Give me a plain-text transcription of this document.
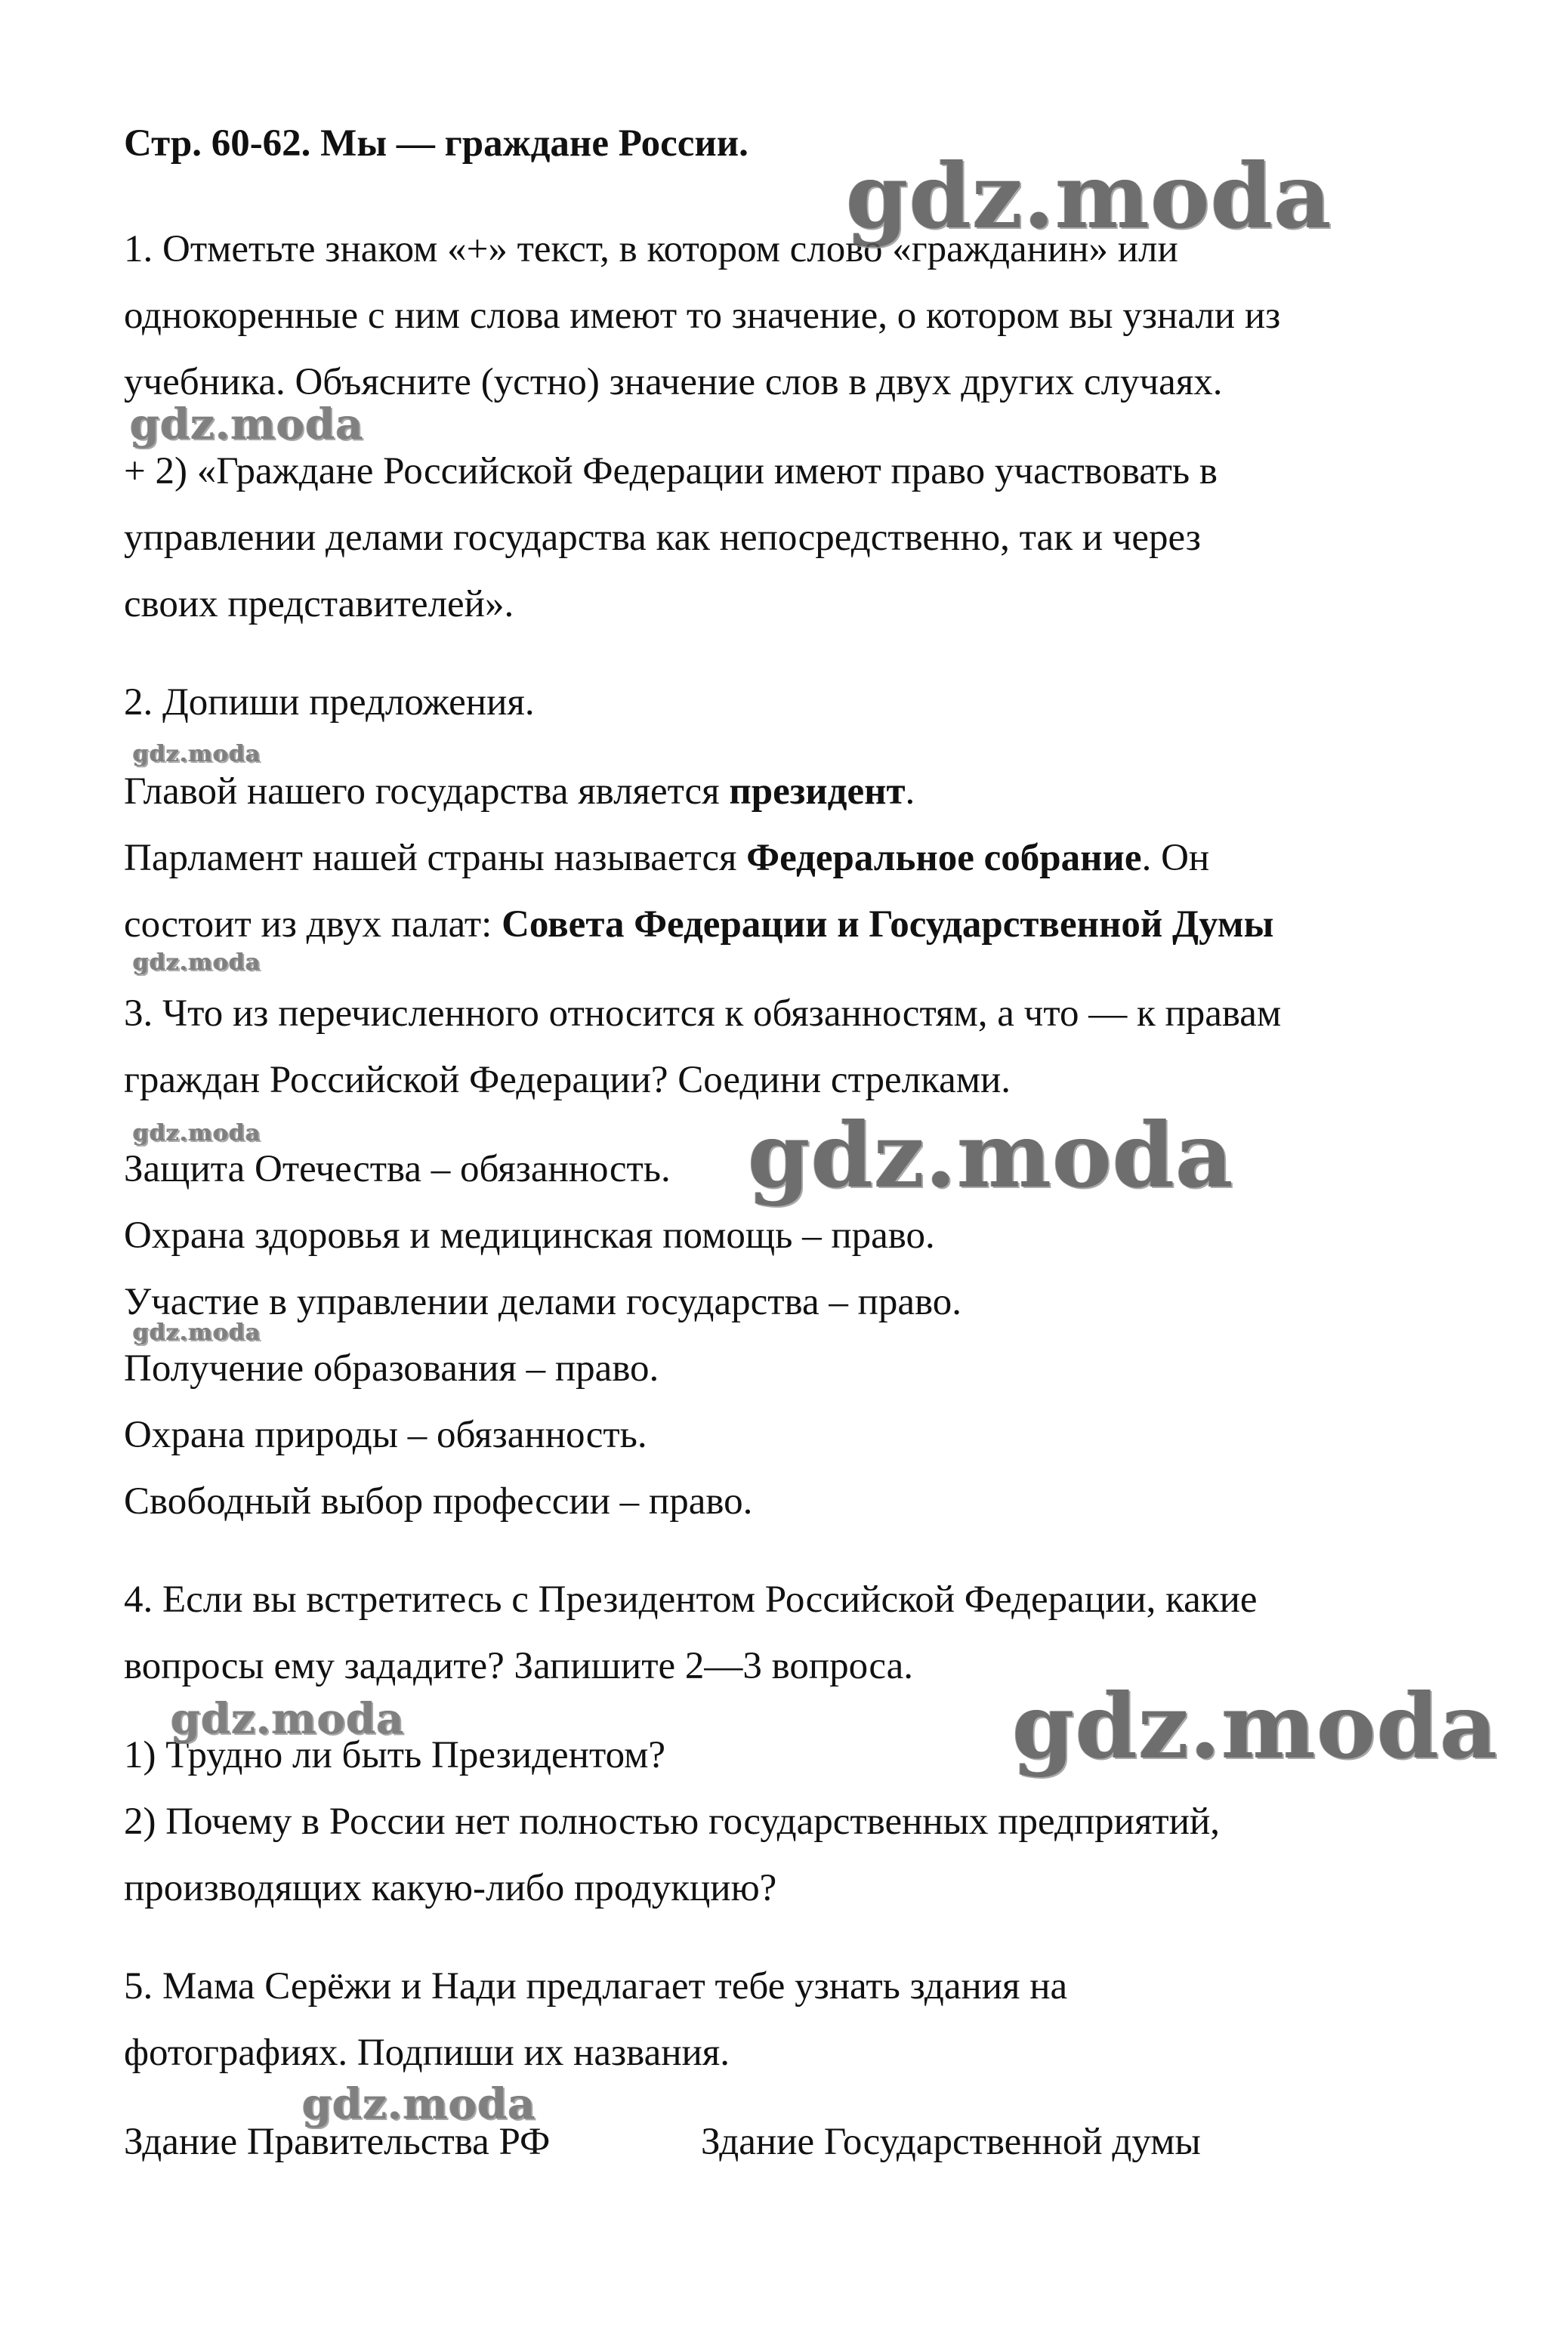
Стр. 60-62. Мы — граждане России.
1. Отметьте знаком «+» текст, в котором слово «гражданин» или
однокоренные с ним слова имеют то значение, о котором вы узнали из
учебника. Объясните (устно) значение слов в двух других случаях.
+ 2) «Граждане Российской Федерации имеют право участвовать в
управлении делами государства как непосредственно, так и через
своих представителей».
2. Допиши предложения.
Главой нашего государства является президент.
Парламент нашей страны называется Федеральное собрание. Он
состоит из двух палат: Совета Федерации и Государственной Думы
3. Что из перечисленного относится к обязанностям, а что — к правам
граждан Российской Федерации? Соедини стрелками.
Защита Отечества – обязанность.
Охрана здоровья и медицинская помощь – право.
Участие в управлении делами государства – право.
Получение образования – право.
Охрана природы – обязанность.
Свободный выбор профессии – право.
4. Если вы встретитесь с Президентом Российской Федерации, какие
вопросы ему зададите? Запишите 2—3 вопроса.
1) Трудно ли быть Президентом?
2) Почему в России нет полностью государственных предприятий,
производящих какую-либо продукцию?
5. Мама Серёжи и Нади предлагает тебе узнать здания на
фотографиях. Подпиши их названия.
Здание Правительства РФ	Здание Государственной думы
gdz.moda
gdz.moda
gdz.moda
gdz.moda
gdz.moda	gdz.moda
gdz.moda
gdz.moda	gdz.moda
gdz.moda
